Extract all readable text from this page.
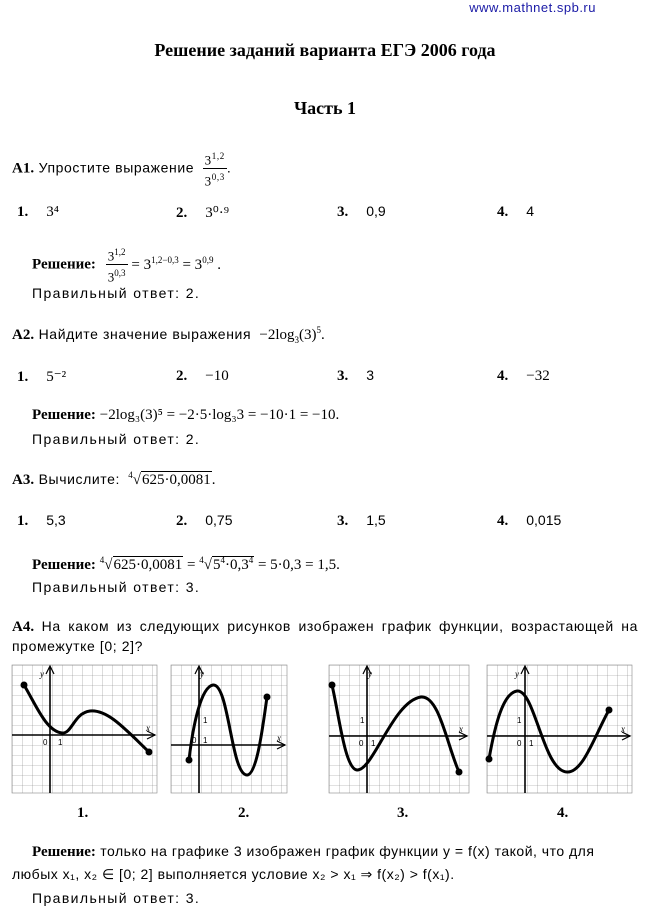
www.mathnet.spb.ru
Решение заданий варианта ЕГЭ 2006 года
Часть 1
А1. Упростите выражение $\frac{3^{1,2}}{3^{0,3}}$ .
1. 3⁴	2. 3⁰·⁹	3. 0,9	4. 4
Решение: $\frac{3^{1,2}}{3^{0,3}} = 3^{1,2-0,3} = 3^{0,9}$ .
Правильный ответ: 2.
А2. Найдите значение выражения  $-2\log_3(3)^5$.
1. 5⁻²	2. −10	3. 3	4. −32
Решение: −2log₃(3)⁵ = −2·5·log₃3 = −10·1 = −10.
Правильный ответ: 2.
А3. Вычислите: $^4$√625·0,0081.
1. 5,3	2. 0,75	3. 1,5	4. 0,015
Решение: $^4√625\cdot 0,0081 = ^4√5^4\cdot 0,3^4 = 5\cdot 0,3 = 1,5$.
Правильный ответ: 3.
А4. На каком из следующих рисунков изображен график функции, возрастающей на промежутке [0; 2]?
y
x
0 1
y
x
1
0 1
y
x
1
0 1
y
x
1
0 1
1.	2.	3.	4.
Решение: только на графике 3 изображен график функции y = f(x) такой, что для
любых x₁, x₂ ∈ [0; 2] выполняется условие x₂ > x₁ ⇒ f(x₂) > f(x₁).
Правильный ответ: 3.
